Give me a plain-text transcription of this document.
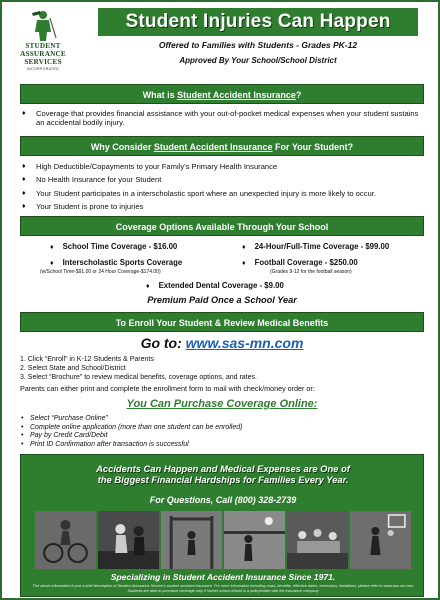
STUDENT
ASSURANCE
SERVICES
INCORPORATED
Student Injuries Can Happen
Offered to Families with Students - Grades PK-12
Approved By Your School/School District
What is Student Accident Insurance?
♦ Coverage that provides financial assistance with your out-of-pocket medical expenses when your student sustains an accidental bodily injury.
Why Consider Student Accident Insurance For Your Student?
♦ High Deductible/Copayments to your Family's Primary Health Insurance
♦ No Health Insurance for your Student
♦ Your Student participates in a interscholastic sport where an unexpected injury is more likely to occur.
♦ Your Student is prone to injuries
Coverage Options Available Through Your School
♦ School Time Coverage - $16.00	♦ 24-Hour/Full-Time Coverage - $99.00
♦ Interscholastic Sports Coverage
(w/School Time-$91.00 or 24 Hour Coverage-$174.00)
♦ Football Coverage - $250.00
(Grades 9-12 for the football season)
♦ Extended Dental Coverage - $9.00
Premium Paid Once a School Year
To Enroll Your Student & Review Medical Benefits
Go to: www.sas-mn.com
1. Click “Enroll” in K-12 Students & Parents
2. Select State and School/District
3. Select “Brochure” to review medical benefits, coverage options, and rates.
Parents can either print and complete the enrollment form to mail with check/money order or:
You Can Purchase Coverage Online:
• Select “Purchase Online”
• Complete online application (more than one student can be enrolled)
• Pay by Credit Card/Debit
• Print ID Confirmation after transaction is successful
Accidents Can Happen and Medical Expenses are One of
the Biggest Financial Hardships for Families Every Year.
For Questions, Call (800) 328-2739
Specializing in Student Accident Insurance Since 1971.
The above information is just a brief description of Student Assurance Service's student accident insurance. For more information including costs, benefits, effective dates, exclusions, limitations, please refer to www.sas-mn.com Students are able to purchase coverage only if his/her school district is a policyholder with the insurance company
